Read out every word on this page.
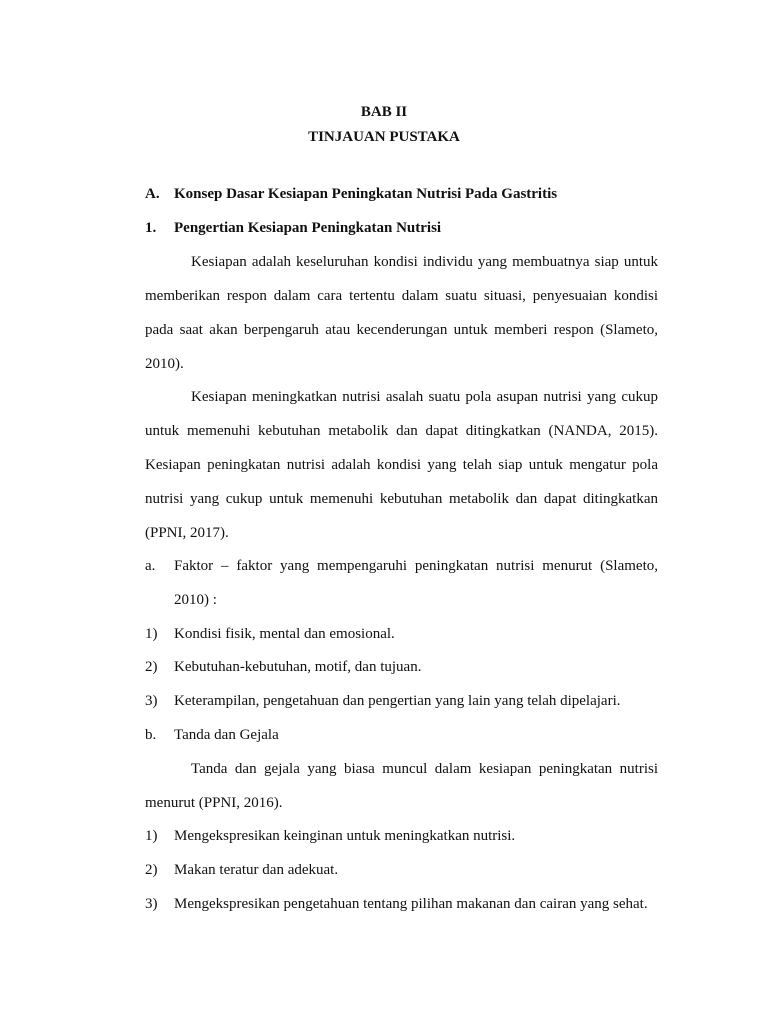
BAB II
TINJAUAN PUSTAKA
A. Konsep Dasar Kesiapan Peningkatan Nutrisi Pada Gastritis
1. Pengertian Kesiapan Peningkatan Nutrisi
Kesiapan adalah keseluruhan kondisi individu yang membuatnya siap untuk
memberikan respon dalam cara tertentu dalam suatu situasi, penyesuaian kondisi
pada saat akan berpengaruh atau kecenderungan untuk memberi respon (Slameto,
2010).
Kesiapan meningkatkan nutrisi asalah suatu pola asupan nutrisi yang cukup
untuk memenuhi kebutuhan metabolik dan dapat ditingkatkan (NANDA, 2015).
Kesiapan peningkatan nutrisi adalah kondisi yang telah siap untuk mengatur pola
nutrisi yang cukup untuk memenuhi kebutuhan metabolik dan dapat ditingkatkan
(PPNI, 2017).
a.	Faktor – faktor yang mempengaruhi peningkatan nutrisi menurut (Slameto,
2010) :
1) Kondisi fisik, mental dan emosional.
2) Kebutuhan-kebutuhan, motif, dan tujuan.
3) Keterampilan, pengetahuan dan pengertian yang lain yang telah dipelajari.
b. Tanda dan Gejala
Tanda dan gejala yang biasa muncul dalam kesiapan peningkatan nutrisi
menurut (PPNI, 2016).
1) Mengekspresikan keinginan untuk meningkatkan nutrisi.
2) Makan teratur dan adekuat.
3) Mengekspresikan pengetahuan tentang pilihan makanan dan cairan yang sehat.
